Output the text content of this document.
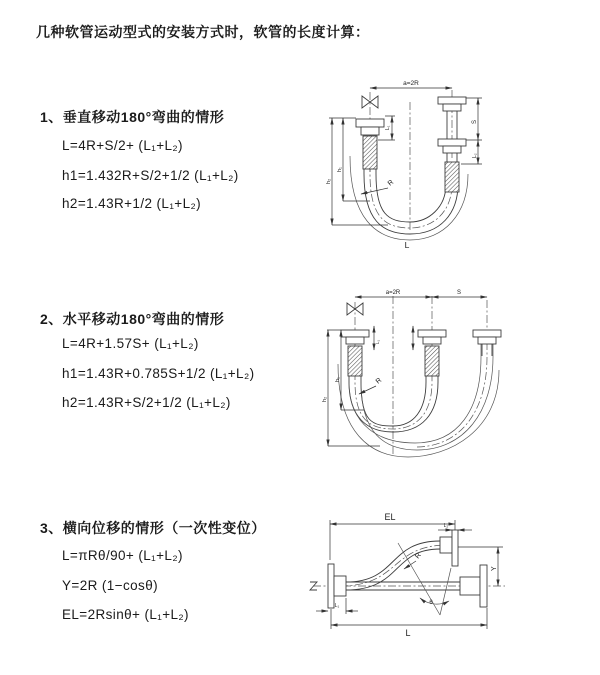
几种软管运动型式的安装方式时，软管的长度计算：
1、垂直移动180°弯曲的情形
L=4R+S/2+ (L₁+L₂)
h1=1.432R+S/2+1/2 (L₁+L₂)
h2=1.43R+1/2 (L₁+L₂)
a=2R
L₁
S
L₂
h₁
h₂	R
L
2、水平移动180°弯曲的情形
L=4R+1.57S+ (L₁+L₂)
h1=1.43R+0.785S+1/2 (L₁+L₂)
h2=1.43R+S/2+1/2 (L₁+L₂)
a=2R	S
L₁
h₁
h₂
R
3、横向位移的情形（一次性变位）
L=πRθ/90+ (L₁+L₂)
Y=2R (1−cosθ)
EL=2Rsinθ+ (L₁+L₂)
EL
L₂
Y
R
θ
L
L₁
